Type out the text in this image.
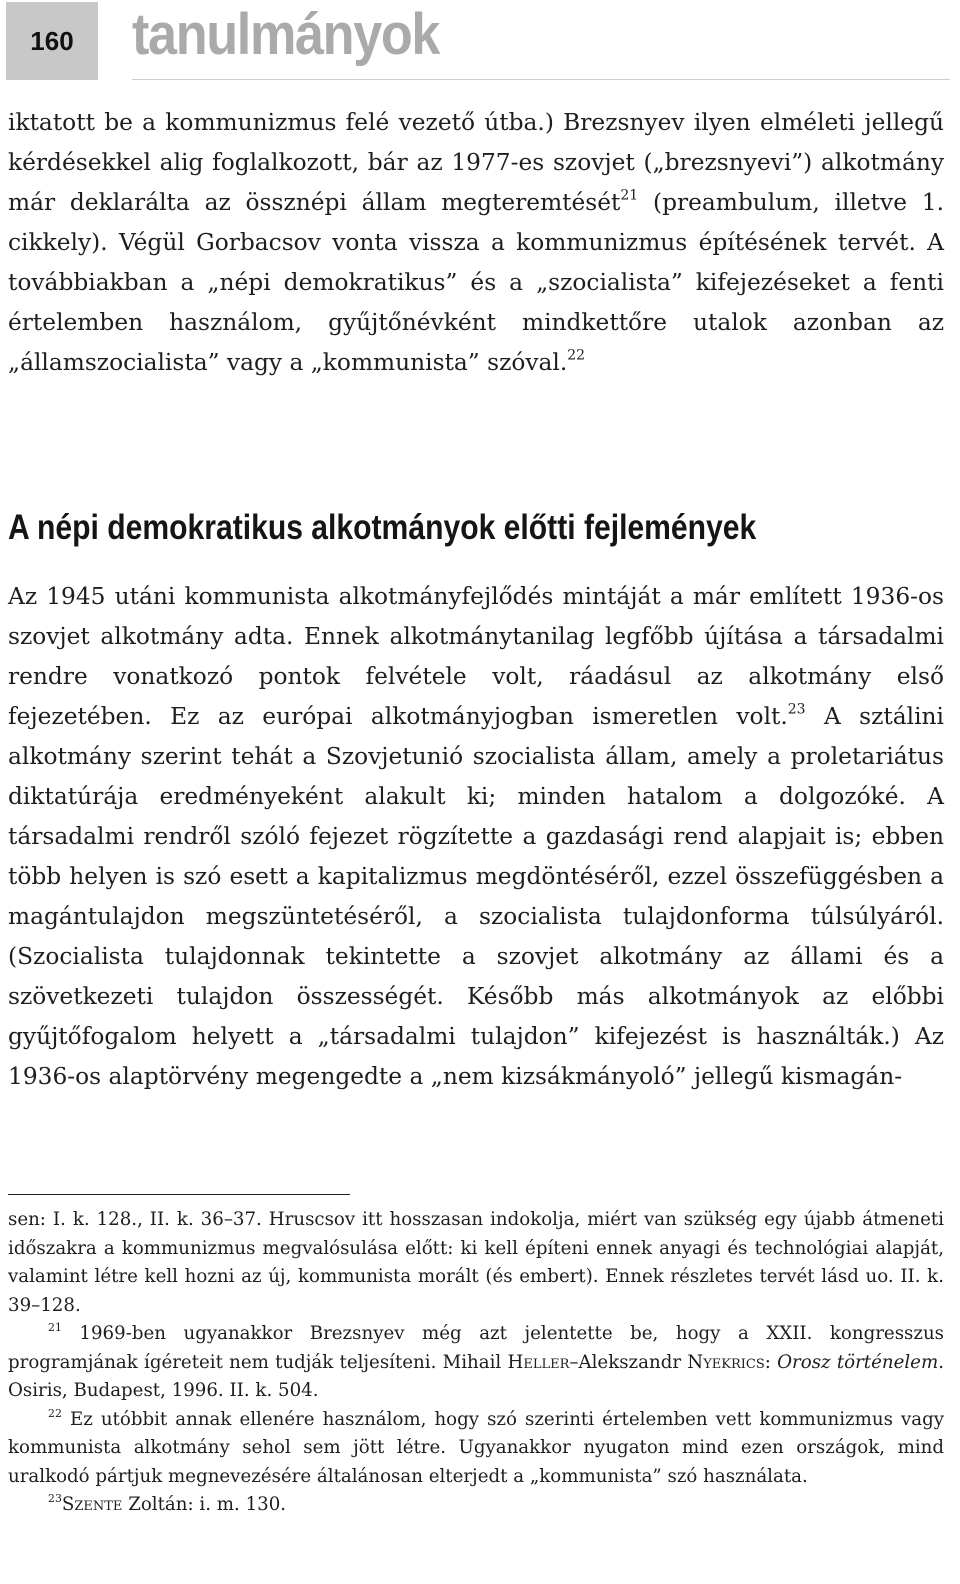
160	tanulmányok

iktatott be a kommunizmus felé vezető útba.) Brezsnyev ilyen elméleti jellegű kérdésekkel alig foglalkozott, bár az 1977-es szovjet („brezsnyevi”) alkotmány már deklarálta az össznépi állam megteremtését$^{21}$ (preambulum, illetve 1. cikkely). Végül Gorbacsov vonta vissza a kommunizmus építésének tervét. A továbbiakban a „népi demokratikus” és a „szocialista” kifejezéseket a fenti értelemben használom, gyűjtőnévként mindkettőre utalok azonban az „államszocialista” vagy a „kommunista” szóval.$^{22}$

A népi demokratikus alkotmányok előtti fejlemények

Az 1945 utáni kommunista alkotmányfejlődés mintáját a már említett 1936-os szovjet alkotmány adta. Ennek alkotmánytanilag legfőbb újítása a társadalmi rendre vonatkozó pontok felvétele volt, ráadásul az alkotmány első fejezetében. Ez az európai alkotmányjogban ismeretlen volt.$^{23}$ A sztálini alkotmány szerint tehát a Szovjetunió szocialista állam, amely a proletariátus diktatúrája eredményeként alakult ki; minden hatalom a dolgozóké. A társadalmi rendről szóló fejezet rögzítette a gazdasági rend alapjait is; ebben több helyen is szó esett a kapitalizmus megdöntéséről, ezzel összefüggésben a magántulajdon megszüntetéséről, a szocialista tulajdonforma túlsúlyáról. (Szocialista tulajdonnak tekintette a szovjet alkotmány az állami és a szövetkezeti tulajdon összességét. Később más alkotmányok az előbbi gyűjtőfogalom helyett a „társadalmi tulajdon” kifejezést is használták.) Az 1936-os alaptörvény megengedte a „nem kizsákmányoló” jellegű kismagán-

sen: I. k. 128., II. k. 36–37. Hruscsov itt hosszasan indokolja, miért van szükség egy újabb átmeneti időszakra a kommunizmus megvalósulása előtt: ki kell építeni ennek anyagi és technológiai alapját, valamint létre kell hozni az új, kommunista morált (és embert). Ennek részletes tervét lásd uo. II. k. 39–128.

$^{21}$ 1969-ben ugyanakkor Brezsnyev még azt jelentette be, hogy a XXII. kongresszus programjának ígéreteit nem tudják teljesíteni. Mihail Heller–Alekszandr Nyekrics: Orosz történelem. Osiris, Budapest, 1996. II. k. 504.

$^{22}$ Ez utóbbit annak ellenére használom, hogy szó szerinti értelemben vett kommunizmus vagy kommunista alkotmány sehol sem jött létre. Ugyanakkor nyugaton mind ezen országok, mind uralkodó pártjuk megnevezésére általánosan elterjedt a „kommunista” szó használata.

$^{23}$Szente Zoltán: i. m. 130.
